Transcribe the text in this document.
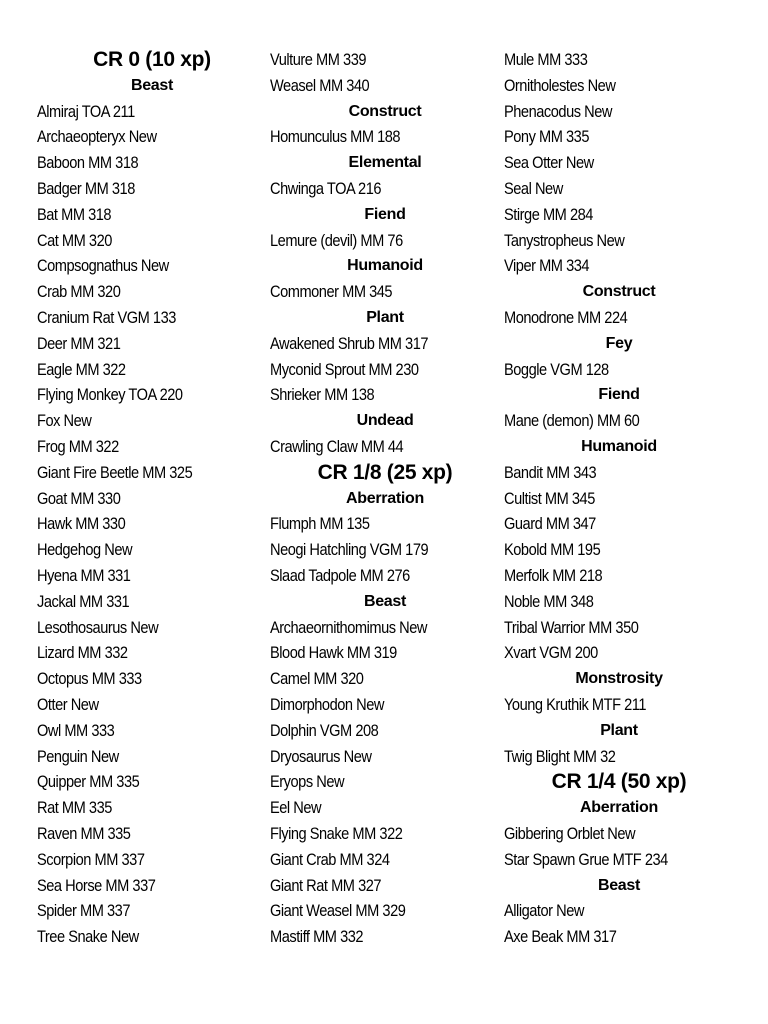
CR 0 (10 xp)
Beast
Almiraj TOA 211
Archaeopteryx New
Baboon MM 318
Badger MM 318
Bat MM 318
Cat MM 320
Compsognathus New
Crab MM 320
Cranium Rat VGM 133
Deer MM 321
Eagle MM 322
Flying Monkey TOA 220
Fox New
Frog MM 322
Giant Fire Beetle MM 325
Goat MM 330
Hawk MM 330
Hedgehog New
Hyena MM 331
Jackal MM 331
Lesothosaurus New
Lizard MM 332
Octopus MM 333
Otter New
Owl MM 333
Penguin New
Quipper MM 335
Rat MM 335
Raven MM 335
Scorpion MM 337
Sea Horse MM 337
Spider MM 337
Tree Snake New
Vulture MM 339
Weasel MM 340
Construct
Homunculus MM 188
Elemental
Chwinga TOA 216
Fiend
Lemure (devil) MM 76
Humanoid
Commoner MM 345
Plant
Awakened Shrub MM 317
Myconid Sprout MM 230
Shrieker MM 138
Undead
Crawling Claw MM 44
CR 1/8 (25 xp)
Aberration
Flumph MM 135
Neogi Hatchling VGM 179
Slaad Tadpole MM 276
Beast
Archaeornithomimus New
Blood Hawk MM 319
Camel MM 320
Dimorphodon New
Dolphin VGM 208
Dryosaurus New
Eryops New
Eel New
Flying Snake MM 322
Giant Crab MM 324
Giant Rat MM 327
Giant Weasel MM 329
Mastiff MM 332
Mule MM 333
Ornitholestes New
Phenacodus New
Pony MM 335
Sea Otter New
Seal New
Stirge MM 284
Tanystropheus New
Viper MM 334
Construct
Monodrone MM 224
Fey
Boggle VGM 128
Fiend
Mane (demon) MM 60
Humanoid
Bandit MM 343
Cultist MM 345
Guard MM 347
Kobold MM 195
Merfolk MM 218
Noble MM 348
Tribal Warrior MM 350
Xvart VGM 200
Monstrosity
Young Kruthik MTF 211
Plant
Twig Blight MM 32
CR 1/4 (50 xp)
Aberration
Gibbering Orblet New
Star Spawn Grue MTF 234
Beast
Alligator New
Axe Beak MM 317
